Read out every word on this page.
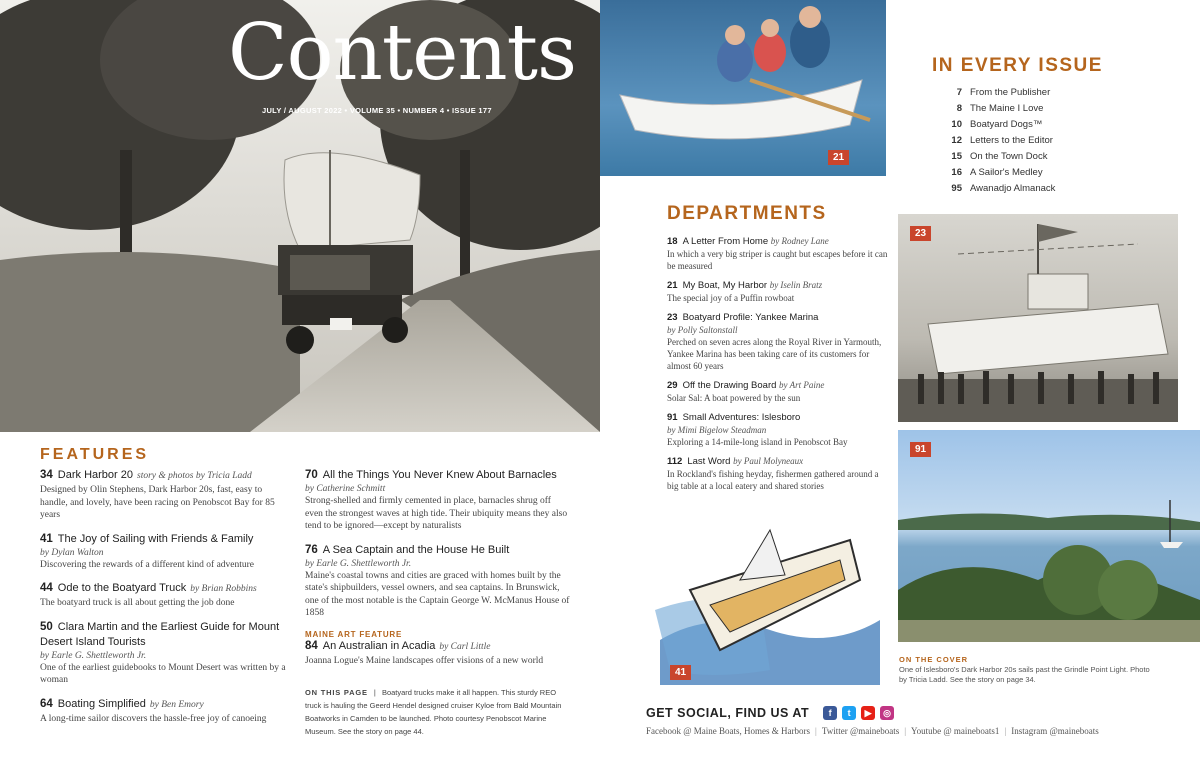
Contents
JULY / AUGUST 2022 • VOLUME 35 • NUMBER 4 • ISSUE 177
21
IN EVERY ISSUE
7 From the Publisher
8 The Maine I Love
10 Boatyard Dogs™
12 Letters to the Editor
15 On the Town Dock
16 A Sailor's Medley
95 Awanadjo Almanack
DEPARTMENTS
18 A Letter From Home by Rodney Lane
In which a very big striper is caught but escapes before it can be measured
21 My Boat, My Harbor by Iselin Bratz
The special joy of a Puffin rowboat
23 Boatyard Profile: Yankee Marina
by Polly Saltonstall
Perched on seven acres along the Royal River in Yarmouth, Yankee Marina has been taking care of its customers for almost 60 years
29 Off the Drawing Board by Art Paine
Solar Sal: A boat powered by the sun
91 Small Adventures: Islesboro
by Mimi Bigelow Steadman
Exploring a 14-mile-long island in Penobscot Bay
112 Last Word by Paul Molyneaux
In Rockland's fishing heyday, fishermen gathered around a big table at a local eatery and shared stories
23
91
ON THE COVER
One of Islesboro's Dark Harbor 20s sails past the Grindle Point Light. Photo by Tricia Ladd. See the story on page 34.
41
FEATURES
34 Dark Harbor 20 story & photos by Tricia Ladd
Designed by Olin Stephens, Dark Harbor 20s, fast, easy to handle, and lovely, have been racing on Penobscot Bay for 85 years
41 The Joy of Sailing with Friends & Family
by Dylan Walton
Discovering the rewards of a different kind of adventure
44 Ode to the Boatyard Truck by Brian Robbins
The boatyard truck is all about getting the job done
50 Clara Martin and the Earliest Guide for Mount Desert Island Tourists
by Earle G. Shettleworth Jr.
One of the earliest guidebooks to Mount Desert was written by a woman
64 Boating Simplified by Ben Emory
A long-time sailor discovers the hassle-free joy of canoeing
70 All the Things You Never Knew About Barnacles
by Catherine Schmitt
Strong-shelled and firmly cemented in place, barnacles shrug off even the strongest waves at high tide. Their ubiquity means they also tend to be ignored—except by naturalists
76 A Sea Captain and the House He Built
by Earle G. Shettleworth Jr.
Maine's coastal towns and cities are graced with homes built by the state's shipbuilders, vessel owners, and sea captains. In Brunswick, one of the most notable is the Captain George W. McManus House of 1858
MAINE ART FEATURE
84 An Australian in Acadia by Carl Little
Joanna Logue's Maine landscapes offer visions of a new world
ON THIS PAGE | Boatyard trucks make it all happen. This sturdy REO truck is hauling the Geerd Hendel designed cruiser Kyloe from Bald Mountain Boatworks in Camden to be launched. Photo courtesy Penobscot Marine Museum. See the story on page 44.
GET SOCIAL, FIND US AT	f	t	▶	◎
Facebook @ Maine Boats, Homes & Harbors | Twitter @maineboats | Youtube @ maineboats1 | Instagram @maineboats
